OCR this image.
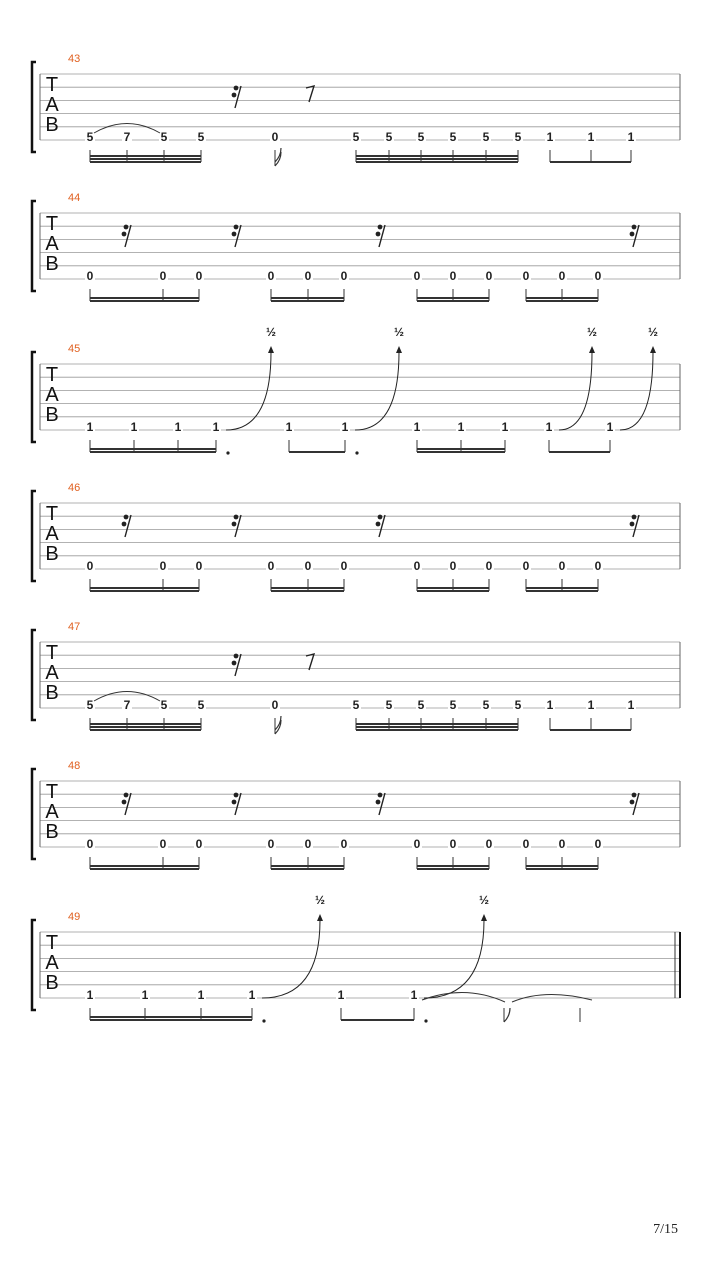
T
A
B
43
5	7	5	5	0	5 5 5 5 5 5 1	1	1
T
A
B
44
0	0 0	0	0 0	0 0 0	0 0 0
T
A
B
45
1	1	1	1	1	1	1	1	1	1	1
½	½	½	½
T
A
B
46
0	0 0	0	0 0	0 0 0	0 0 0
T
A
B
47
5	7	5	5	0	5 5 5 5 5 5 1	1	1
T
A
B
48
0	0 0	0	0 0	0 0 0	0 0 0
T
A
B
49
1	1	1	1	1	1
½	½
7/15
